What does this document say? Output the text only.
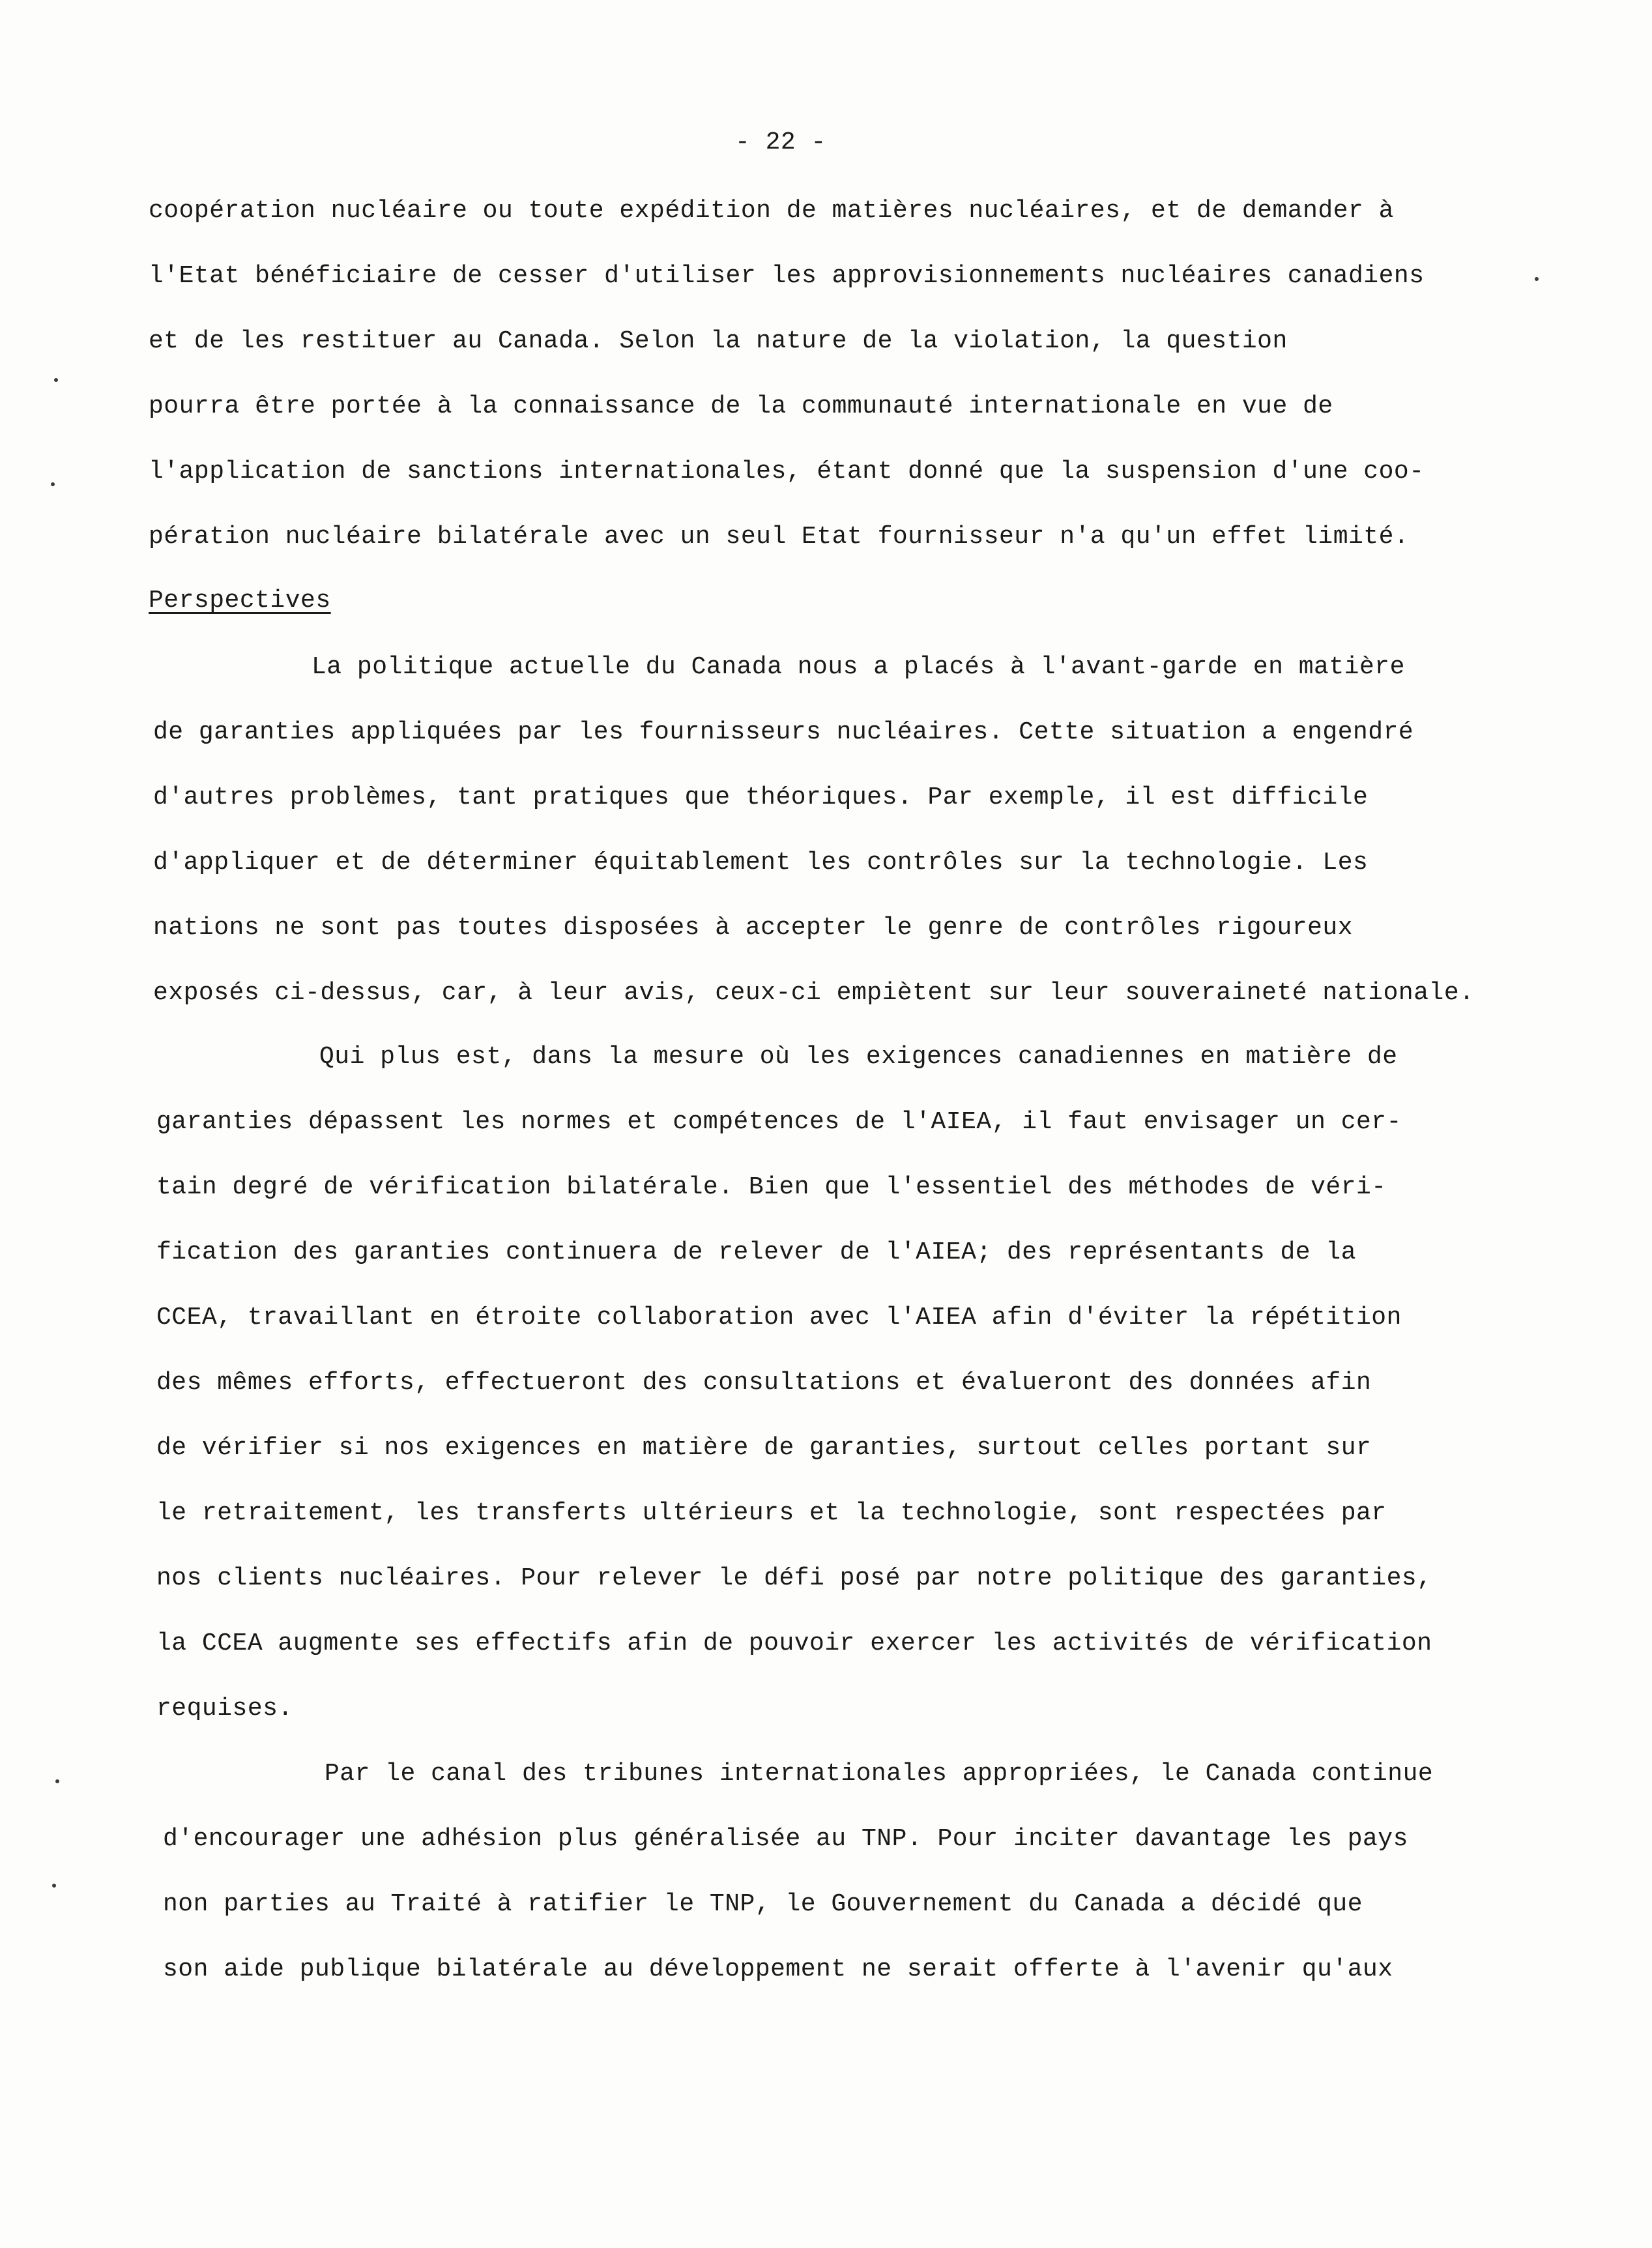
- 22 -
coopération nucléaire ou toute expédition de matières nucléaires, et de demander à
l'Etat bénéficiaire de cesser d'utiliser les approvisionnements nucléaires canadiens
et de les restituer au Canada. Selon la nature de la violation, la question
pourra être portée à la connaissance de la communauté internationale en vue de
l'application de sanctions internationales, étant donné que la suspension d'une coo-
pération nucléaire bilatérale avec un seul Etat fournisseur n'a qu'un effet limité.
Perspectives
La politique actuelle du Canada nous a placés à l'avant-garde en matière
de garanties appliquées par les fournisseurs nucléaires. Cette situation a engendré
d'autres problèmes, tant pratiques que théoriques. Par exemple, il est difficile
d'appliquer et de déterminer équitablement les contrôles sur la technologie. Les
nations ne sont pas toutes disposées à accepter le genre de contrôles rigoureux
exposés ci-dessus, car, à leur avis, ceux-ci empiètent sur leur souveraineté nationale.
Qui plus est, dans la mesure où les exigences canadiennes en matière de
garanties dépassent les normes et compétences de l'AIEA, il faut envisager un cer-
tain degré de vérification bilatérale. Bien que l'essentiel des méthodes de véri-
fication des garanties continuera de relever de l'AIEA; des représentants de la
CCEA, travaillant en étroite collaboration avec l'AIEA afin d'éviter la répétition
des mêmes efforts, effectueront des consultations et évalueront des données afin
de vérifier si nos exigences en matière de garanties, surtout celles portant sur
le retraitement, les transferts ultérieurs et la technologie, sont respectées par
nos clients nucléaires. Pour relever le défi posé par notre politique des garanties,
la CCEA augmente ses effectifs afin de pouvoir exercer les activités de vérification
requises.
Par le canal des tribunes internationales appropriées, le Canada continue
d'encourager une adhésion plus généralisée au TNP. Pour inciter davantage les pays
non parties au Traité à ratifier le TNP, le Gouvernement du Canada a décidé que
son aide publique bilatérale au développement ne serait offerte à l'avenir qu'aux
